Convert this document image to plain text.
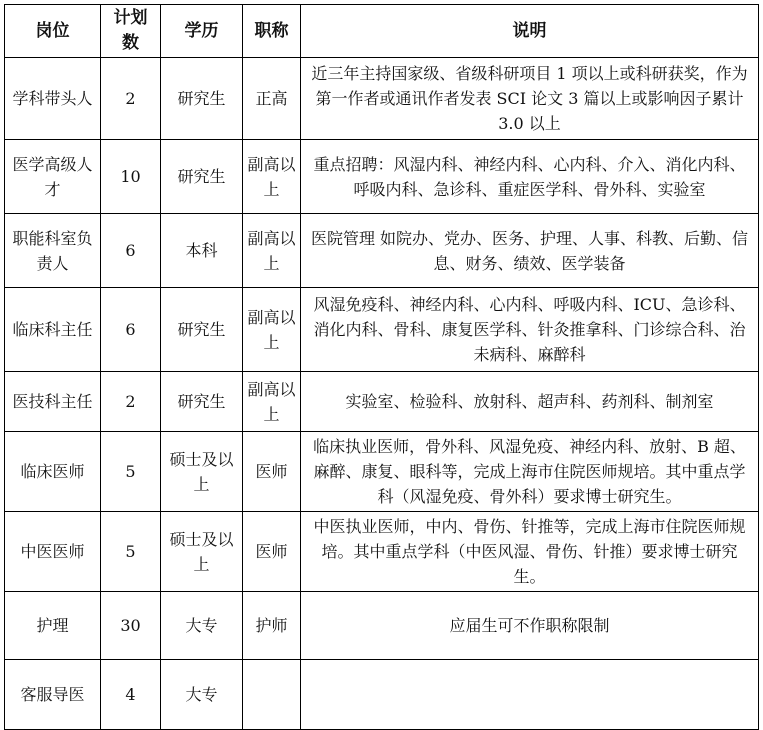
岗位	计划数	学历	职称	说明
学科带头人	2	研究生	正高	近三年主持国家级、省级科研项目 1 项以上或科研获奖，作为第一作者或通讯作者发表 SCI 论文 3 篇以上或影响因子累计 3.0 以上
医学高级人才	10	研究生	副高以上	重点招聘：风湿内科、神经内科、心内科、介入、消化内科、呼吸内科、急诊科、重症医学科、骨外科、实验室
职能科室负责人	6	本科	副高以上	医院管理 如院办、党办、医务、护理、人事、科教、后勤、信息、财务、绩效、医学装备
临床科主任	6	研究生	副高以上	风湿免疫科、神经内科、心内科、呼吸内科、ICU、急诊科、消化内科、骨科、康复医学科、针灸推拿科、门诊综合科、治未病科、麻醉科
医技科主任	2	研究生	副高以上	实验室、检验科、放射科、超声科、药剂科、制剂室
临床医师	5	硕士及以上	医师	临床执业医师，骨外科、风湿免疫、神经内科、放射、B 超、麻醉、康复、眼科等，完成上海市住院医师规培。其中重点学科（风湿免疫、骨外科）要求博士研究生。
中医医师	5	硕士及以上	医师	中医执业医师，中内、骨伤、针推等，完成上海市住院医师规培。其中重点学科（中医风湿、骨伤、针推）要求博士研究生。
护理	30	大专	护师	应届生可不作职称限制
客服导医	4	大专		
